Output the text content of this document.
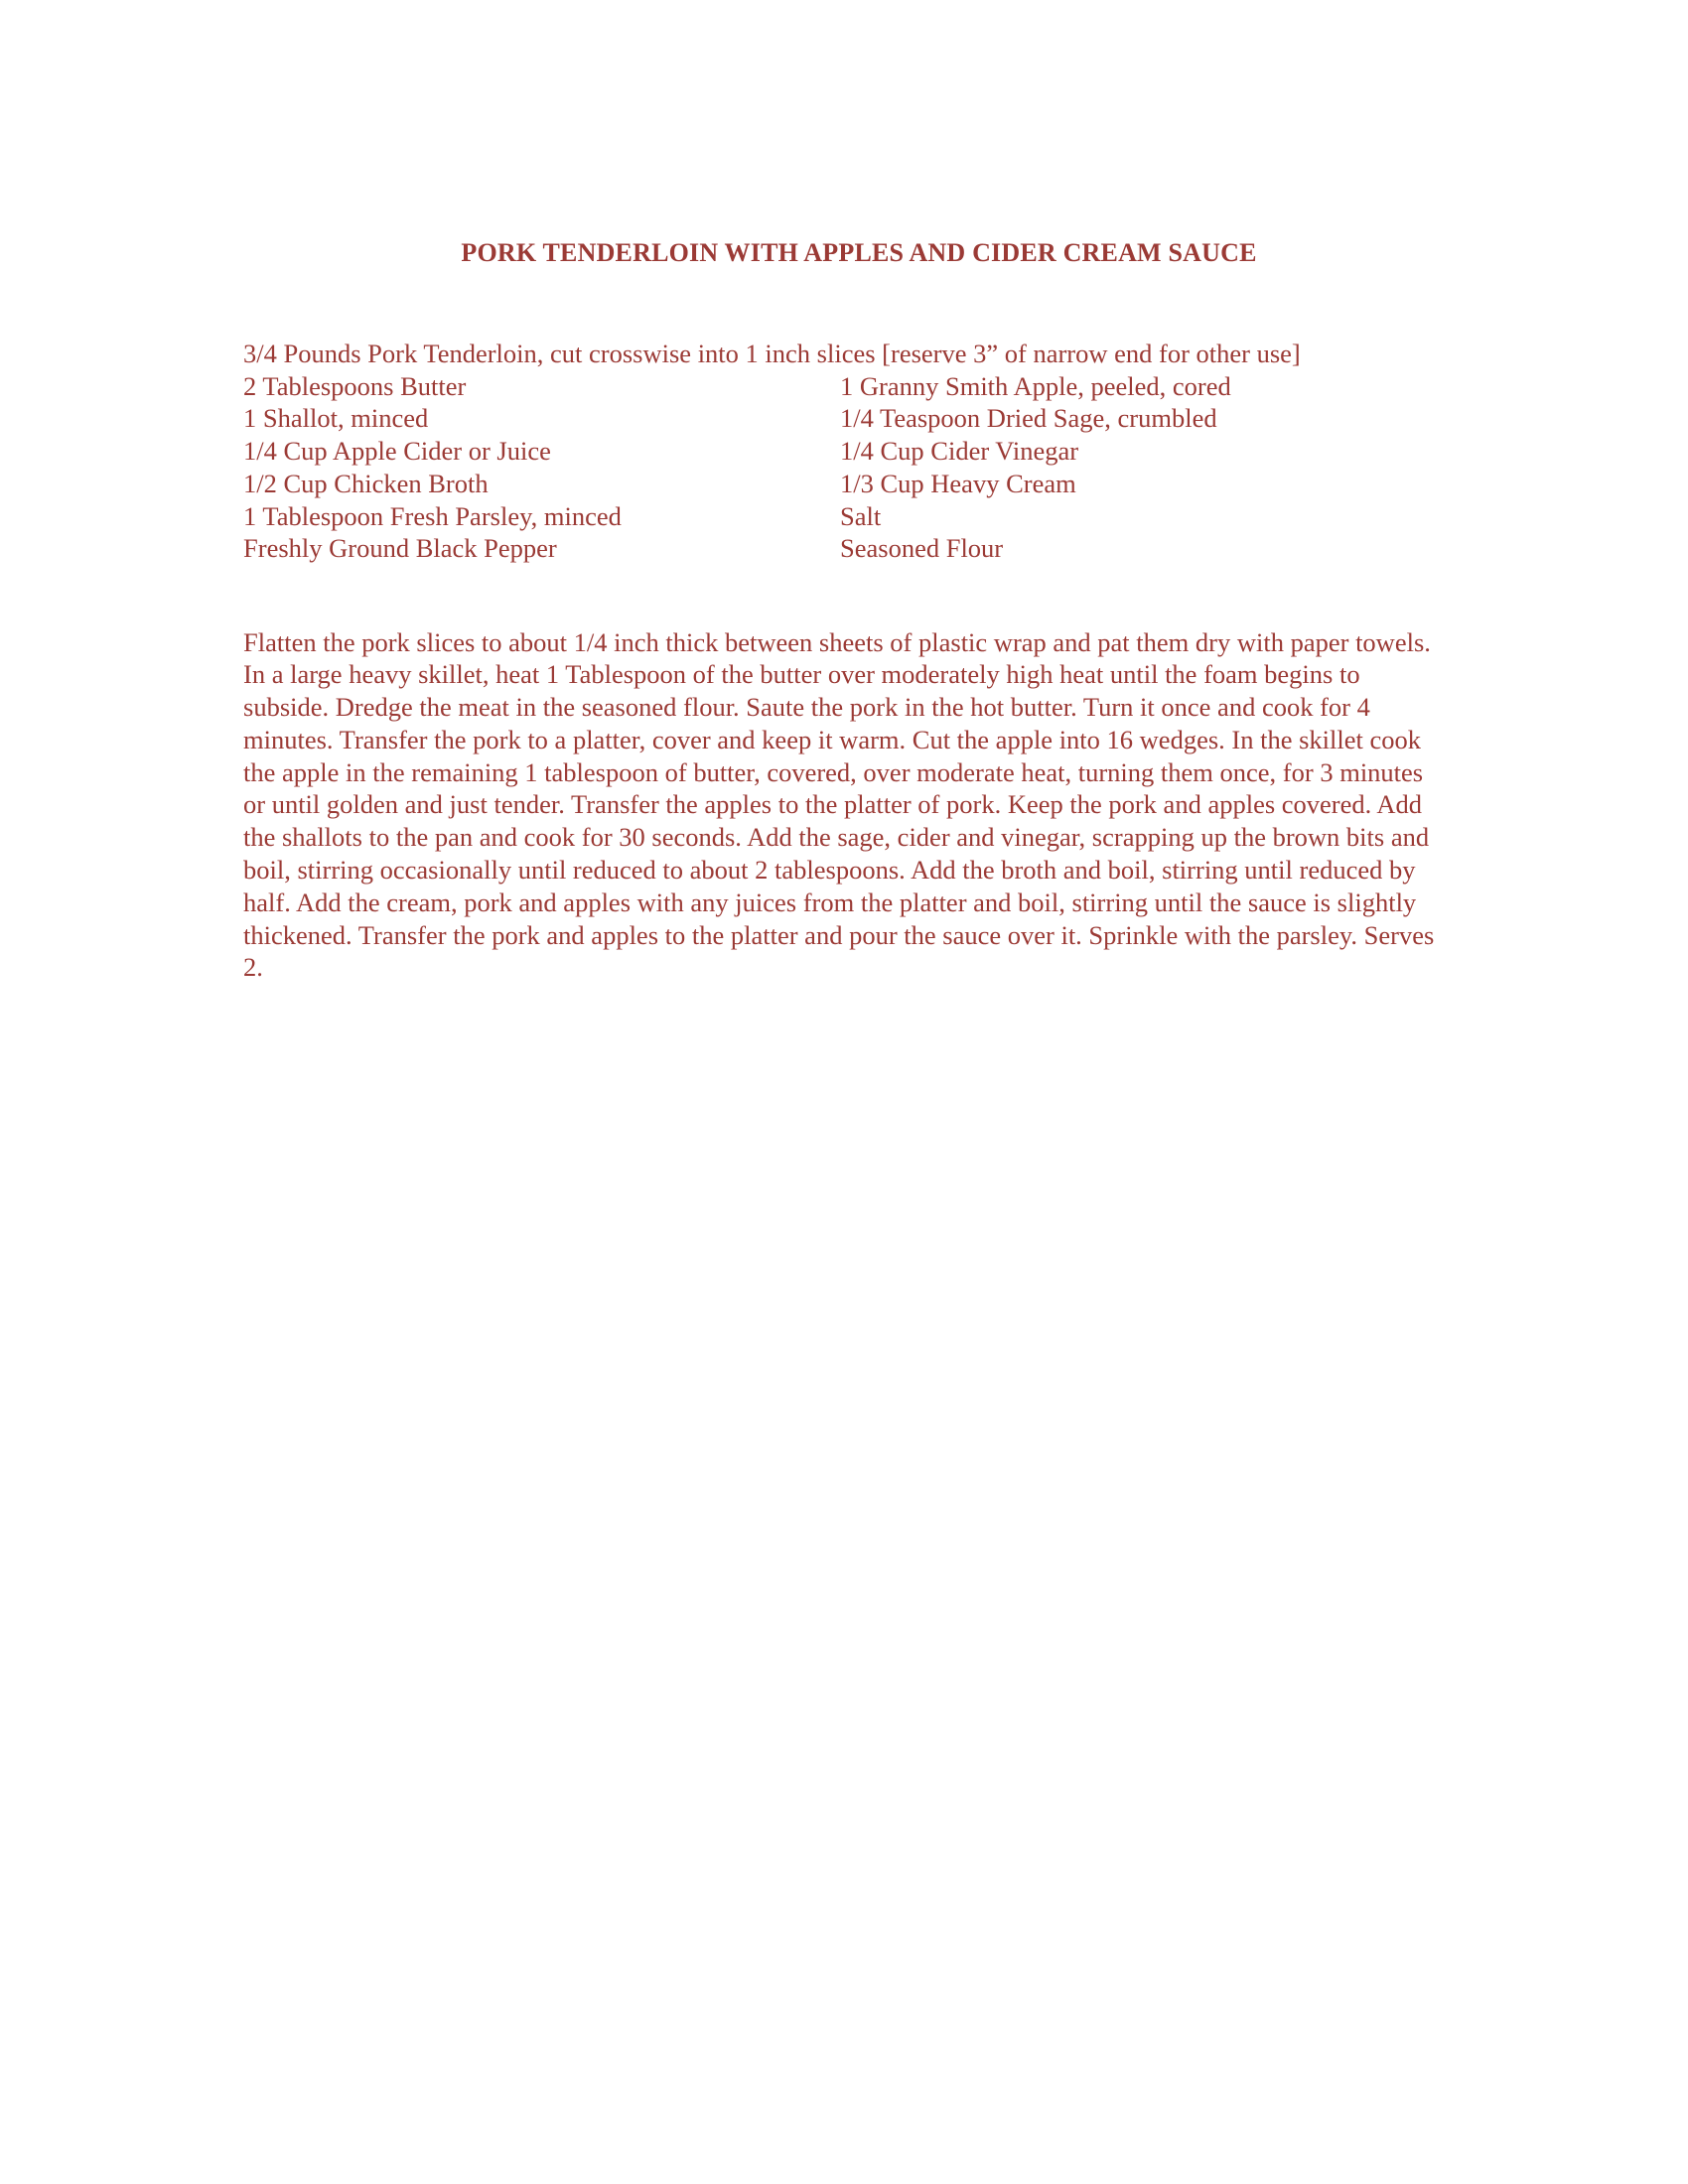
PORK TENDERLOIN WITH APPLES AND CIDER CREAM SAUCE
3/4 Pounds Pork Tenderloin, cut crosswise into 1 inch slices [reserve 3” of narrow end for other use]
2 Tablespoons Butter	1 Granny Smith Apple, peeled, cored
1 Shallot, minced	1/4 Teaspoon Dried Sage, crumbled
1/4 Cup Apple Cider or Juice	1/4 Cup Cider Vinegar
1/2 Cup Chicken Broth	1/3 Cup Heavy Cream
1 Tablespoon Fresh Parsley, minced	Salt
Freshly Ground Black Pepper	Seasoned Flour

Flatten the pork slices to about 1/4 inch thick between sheets of plastic wrap and pat them dry with paper towels. In a large heavy skillet, heat 1 Tablespoon of the butter over moderately high heat until the foam begins to subside. Dredge the meat in the seasoned flour. Saute the pork in the hot butter. Turn it once and cook for 4 minutes. Transfer the pork to a platter, cover and keep it warm. Cut the apple into 16 wedges. In the skillet cook the apple in the remaining 1 tablespoon of butter, covered, over moderate heat, turning them once, for 3 minutes or until golden and just tender. Transfer the apples to the platter of pork. Keep the pork and apples covered. Add the shallots to the pan and cook for 30 seconds. Add the sage, cider and vinegar, scrapping up the brown bits and boil, stirring occasionally until reduced to about 2 tablespoons. Add the broth and boil, stirring until reduced by half. Add the cream, pork and apples with any juices from the platter and boil, stirring until the sauce is slightly thickened. Transfer the pork and apples to the platter and pour the sauce over it. Sprinkle with the parsley. Serves 2.
